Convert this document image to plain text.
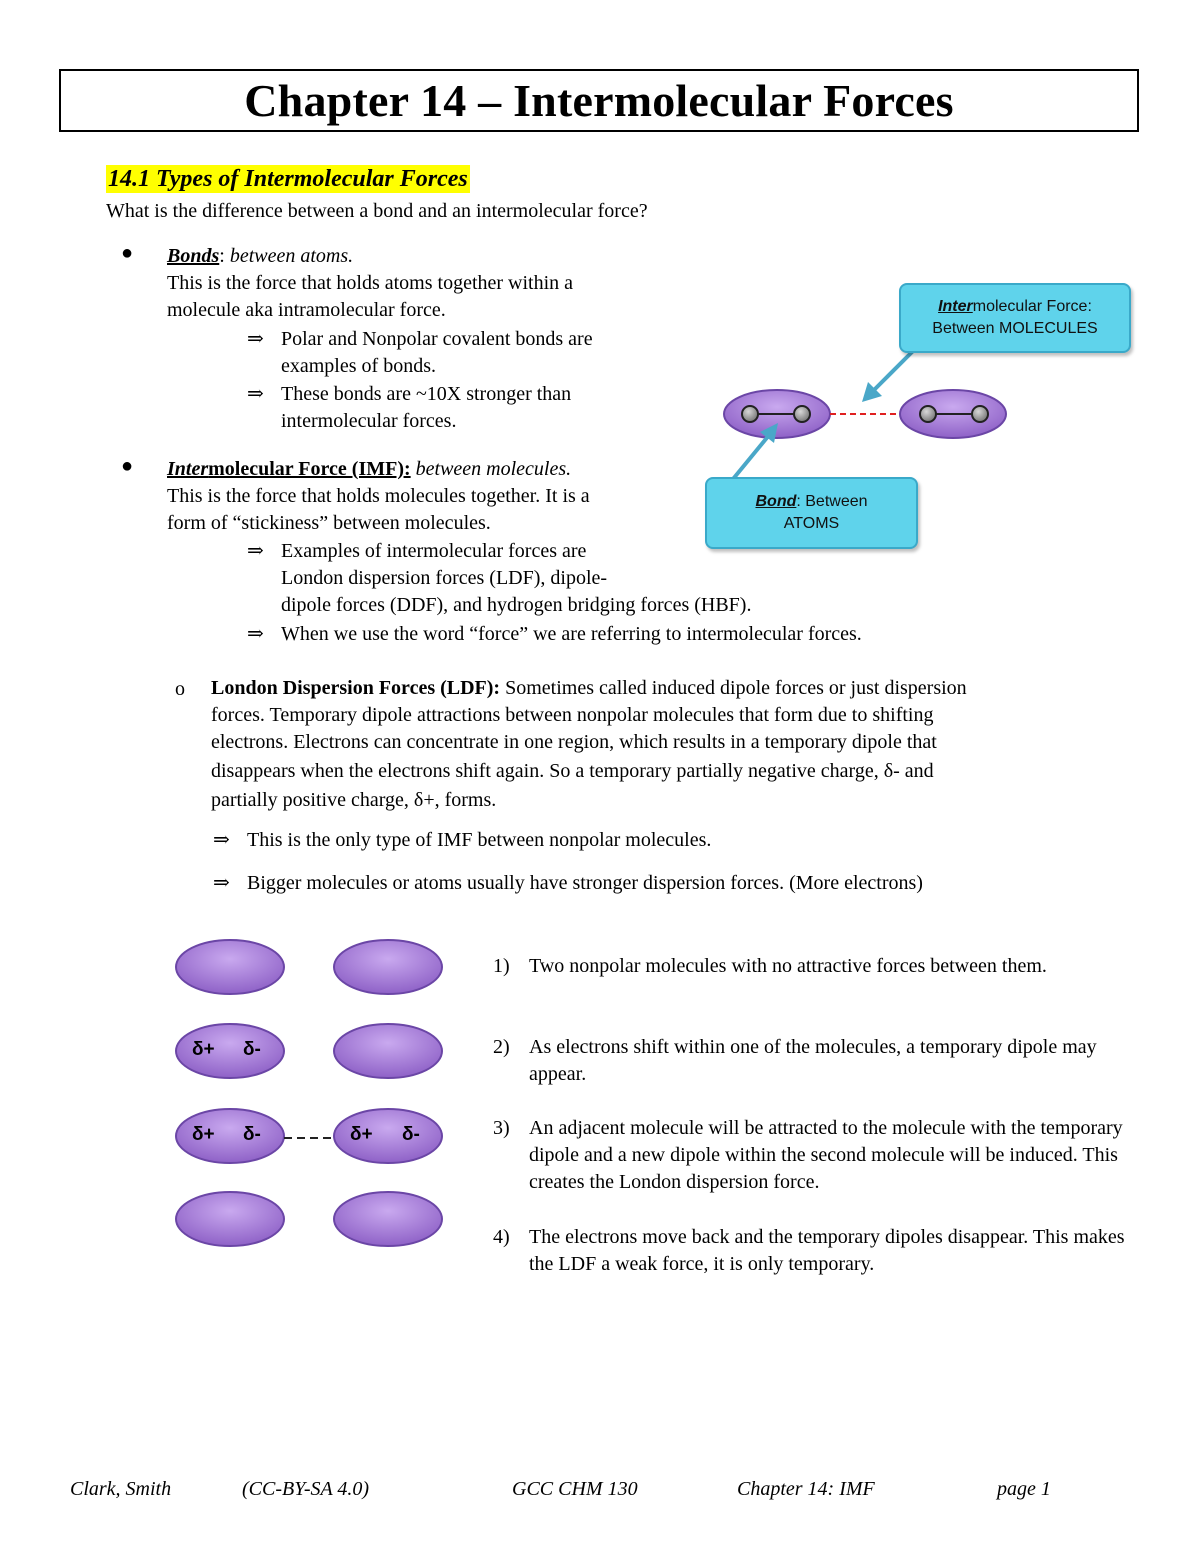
Chapter 14 – Intermolecular Forces
14.1 Types of Intermolecular Forces
What is the difference between a bond and an intermolecular force?
● Bonds: between atoms.
This is the force that holds atoms together within a
molecule aka intramolecular force.
⇒ Polar and Nonpolar covalent bonds are
examples of bonds.
⇒ These bonds are ~10X stronger than
intermolecular forces.
● Intermolecular Force (IMF): between molecules.
This is the force that holds molecules together. It is a
form of “stickiness” between molecules.
⇒ Examples of intermolecular forces are
London dispersion forces (LDF), dipole-
dipole forces (DDF), and hydrogen bridging forces (HBF).
⇒ When we use the word “force” we are referring to intermolecular forces.
Intermolecular Force:
Between MOLECULES
Bond: Between
ATOMS
o London Dispersion Forces (LDF): Sometimes called induced dipole forces or just dispersion
forces. Temporary dipole attractions between nonpolar molecules that form due to shifting
electrons. Electrons can concentrate in one region, which results in a temporary dipole that
disappears when the electrons shift again. So a temporary partially negative charge, δ- and
partially positive charge, δ+, forms.
⇒ This is the only type of IMF between nonpolar molecules.
⇒ Bigger molecules or atoms usually have stronger dispersion forces. (More electrons)
δ+ δ-
δ+ δ-	δ+ δ-
1) Two nonpolar molecules with no attractive forces between them.
2) As electrons shift within one of the molecules, a temporary dipole may appear.
3) An adjacent molecule will be attracted to the molecule with the temporary dipole and a new dipole within the second molecule will be induced. This creates the London dispersion force.
4) The electrons move back and the temporary dipoles disappear. This makes the LDF a weak force, it is only temporary.
Clark, Smith	(CC-BY-SA 4.0)	GCC CHM 130	Chapter 14: IMF	page 1
